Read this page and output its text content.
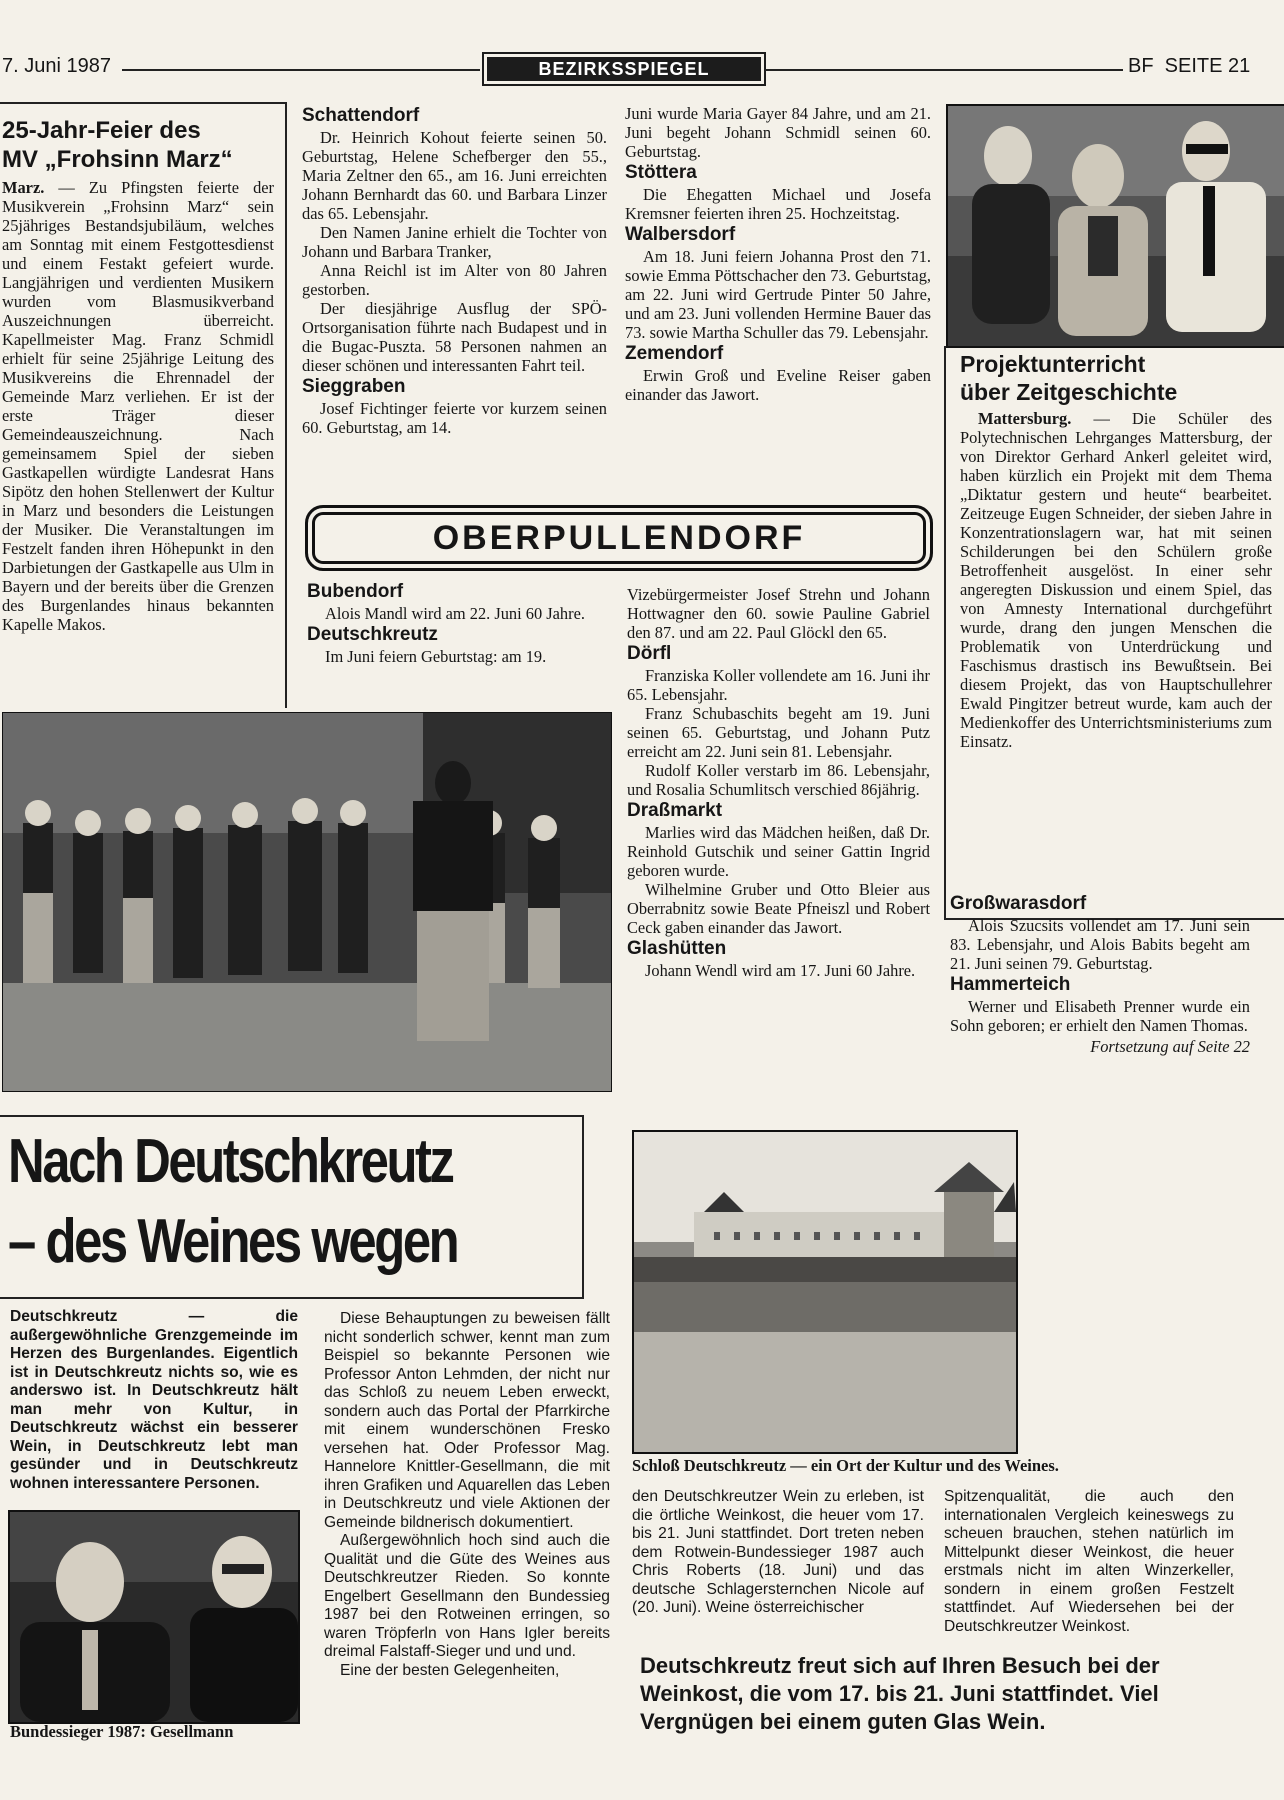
7. Juni 1987	BEZIRKSSPIEGEL	BF  SEITE 21
25-Jahr-Feier des
MV „Frohsinn Marz“
Marz. — Zu Pfingsten feierte der Musikverein „Frohsinn Marz“ sein 25jähriges Bestandsjubiläum, welches am Sonntag mit einem Festgottesdienst und einem Festakt gefeiert wurde. Langjährigen und verdienten Musikern wurden vom Blasmusikverband Auszeichnungen überreicht. Kapellmeister Mag. Franz Schmidl erhielt für seine 25jährige Leitung des Musikvereins die Ehrennadel der Gemeinde Marz verliehen. Er ist der erste Träger dieser Gemeindeauszeichnung. Nach gemeinsamem Spiel der sieben Gastkapellen würdigte Landesrat Hans Sipötz den hohen Stellenwert der Kultur in Marz und besonders die Leistungen der Musiker. Die Veranstaltungen im Festzelt fanden ihren Höhepunkt in den Darbietungen der Gastkapelle aus Ulm in Bayern und der bereits über die Grenzen des Burgenlandes hinaus bekannten Kapelle Makos.
Schattendorf

Dr. Heinrich Kohout feierte seinen 50. Geburtstag, Helene Schefberger den 55., Maria Zeltner den 65., am 16. Juni erreichten Johann Bernhardt das 60. und Barbara Linzer das 65. Lebensjahr.

Den Namen Janine erhielt die Tochter von Johann und Barbara Tranker,

Anna Reichl ist im Alter von 80 Jahren gestorben.

Der diesjährige Ausflug der SPÖ-Ortsorganisation führte nach Budapest und in die Bugac-Puszta. 58 Personen nahmen an dieser schönen und interessanten Fahrt teil.

Sieggraben

Josef Fichtinger feierte vor kurzem seinen 60. Geburtstag, am 14.

Juni wurde Maria Gayer 84 Jahre, und am 21. Juni begeht Johann Schmidl seinen 60. Geburtstag.

Stöttera

Die Ehegatten Michael und Josefa Kremsner feierten ihren 25. Hochzeitstag.

Walbersdorf

Am 18. Juni feiern Johanna Prost den 71. sowie Emma Pöttschacher den 73. Geburtstag, am 22. Juni wird Gertrude Pinter 50 Jahre, und am 23. Juni vollenden Hermine Bauer das 73. sowie Martha Schuller das 79. Lebensjahr.

Zemendorf

Erwin Groß und Eveline Reiser gaben einander das Jawort.

Projektunterricht
über Zeitgeschichte
Mattersburg. — Die Schüler des Polytechnischen Lehrganges Mattersburg, der von Direktor Gerhard Ankerl geleitet wird, haben kürzlich ein Projekt mit dem Thema „Diktatur gestern und heute“ bearbeitet. Zeitzeuge Eugen Schneider, der sieben Jahre in Konzentrationslagern war, hat mit seinen Schilderungen bei den Schülern große Betroffenheit ausgelöst. In einer sehr angeregten Diskussion und einem Spiel, das von Amnesty International durchgeführt wurde, drang den jungen Menschen die Problematik von Unterdrückung und Faschismus drastisch ins Bewußtsein. Bei diesem Projekt, das von Hauptschullehrer Ewald Pingitzer betreut wurde, kam auch der Medienkoffer des Unterrichtsministeriums zum Einsatz.
Großwarasdorf

Alois Szucsits vollendet am 17. Juni sein 83. Lebensjahr, und Alois Babits begeht am 21. Juni seinen 79. Geburtstag.

Hammerteich

Werner und Elisabeth Prenner wurde ein Sohn geboren; er erhielt den Namen Thomas.

Fortsetzung auf Seite 22
OBERPULLENDORF
Bubendorf

Alois Mandl wird am 22. Juni 60 Jahre.

Deutschkreutz

Im Juni feiern Geburtstag: am 19.

Vizebürgermeister Josef Strehn und Johann Hottwagner den 60. sowie Pauline Gabriel den 87. und am 22. Paul Glöckl den 65.

Dörfl

Franziska Koller vollendete am 16. Juni ihr 65. Lebensjahr.

Franz Schubaschits begeht am 19. Juni seinen 65. Geburtstag, und Johann Putz erreicht am 22. Juni sein 81. Lebensjahr.

Rudolf Koller verstarb im 86. Lebensjahr, und Rosalia Schumlitsch verschied 86jährig.

Draßmarkt

Marlies wird das Mädchen heißen, daß Dr. Reinhold Gutschik und seiner Gattin Ingrid geboren wurde.

Wilhelmine Gruber und Otto Bleier aus Oberrabnitz sowie Beate Pfneiszl und Robert Ceck gaben einander das Jawort.

Glashütten

Johann Wendl wird am 17. Juni 60 Jahre.

Nach Deutschkreutz
– des Weines wegen
Deutschkreutz — die außergewöhnliche Grenzgemeinde im Herzen des Burgenlandes. Eigentlich ist in Deutschkreutz nichts so, wie es anderswo ist. In Deutschkreutz hält man mehr von Kultur, in Deutschkreutz wächst ein besserer Wein, in Deutschkreutz lebt man gesünder und in Deutschkreutz wohnen interessantere Personen.
Bundessieger 1987: Gesellmann

Diese Behauptungen zu beweisen fällt nicht sonderlich schwer, kennt man zum Beispiel so bekannte Personen wie Professor Anton Lehmden, der nicht nur das Schloß zu neuem Leben erweckt, sondern auch das Portal der Pfarrkirche mit einem wunderschönen Fresko versehen hat. Oder Professor Mag. Hannelore Knittler-Gesellmann, die mit ihren Grafiken und Aquarellen das Leben in Deutschkreutz und viele Aktionen der Gemeinde bildnerisch dokumentiert.

Außergewöhnlich hoch sind auch die Qualität und die Güte des Weines aus Deutschkreutzer Rieden. So konnte Engelbert Gesellmann den Bundessieg 1987 bei den Rotweinen erringen, so waren Tröpferln von Hans Igler bereits dreimal Falstaff-Sieger und und und.

Eine der besten Gelegenheiten,

Schloß Deutschkreutz — ein Ort der Kultur und des Weines.
den Deutschkreutzer Wein zu erleben, ist die örtliche Weinkost, die heuer vom 17. bis 21. Juni stattfindet. Dort treten neben dem Rotwein-Bundessieger 1987 auch Chris Roberts (18. Juni) und das deutsche Schlagersternchen Nicole auf (20. Juni). Weine österreichischer
Spitzenqualität, die auch den internationalen Vergleich keineswegs zu scheuen brauchen, stehen natürlich im Mittelpunkt dieser Weinkost, die heuer erstmals nicht im alten Winzerkeller, sondern in einem großen Festzelt stattfindet. Auf Wiedersehen bei der Deutschkreutzer Weinkost.
Deutschkreutz freut sich auf Ihren Besuch bei der Weinkost, die vom 17. bis 21. Juni stattfindet. Viel Vergnügen bei einem guten Glas Wein.
